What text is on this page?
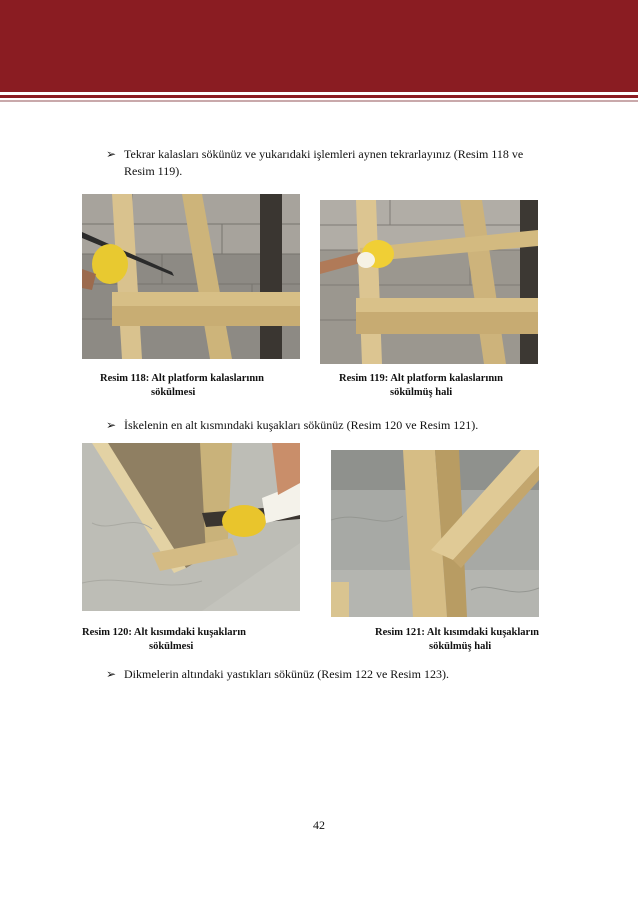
➢ Tekrar kalasları sökünüz ve yukarıdaki işlemleri aynen tekrarlayınız (Resim 118 ve
Resim 119).
Resim 118: Alt platform kalaslarının
sökülmesi
Resim 119: Alt platform kalaslarının
sökülmüş hali
➢ İskelenin en alt kısmındaki kuşakları sökünüz (Resim 120 ve Resim 121).
Resim 120: Alt kısımdaki kuşakların
sökülmesi
Resim 121: Alt kısımdaki kuşakların
sökülmüş hali
➢ Dikmelerin altındaki yastıkları sökünüz (Resim 122 ve Resim 123).
42
